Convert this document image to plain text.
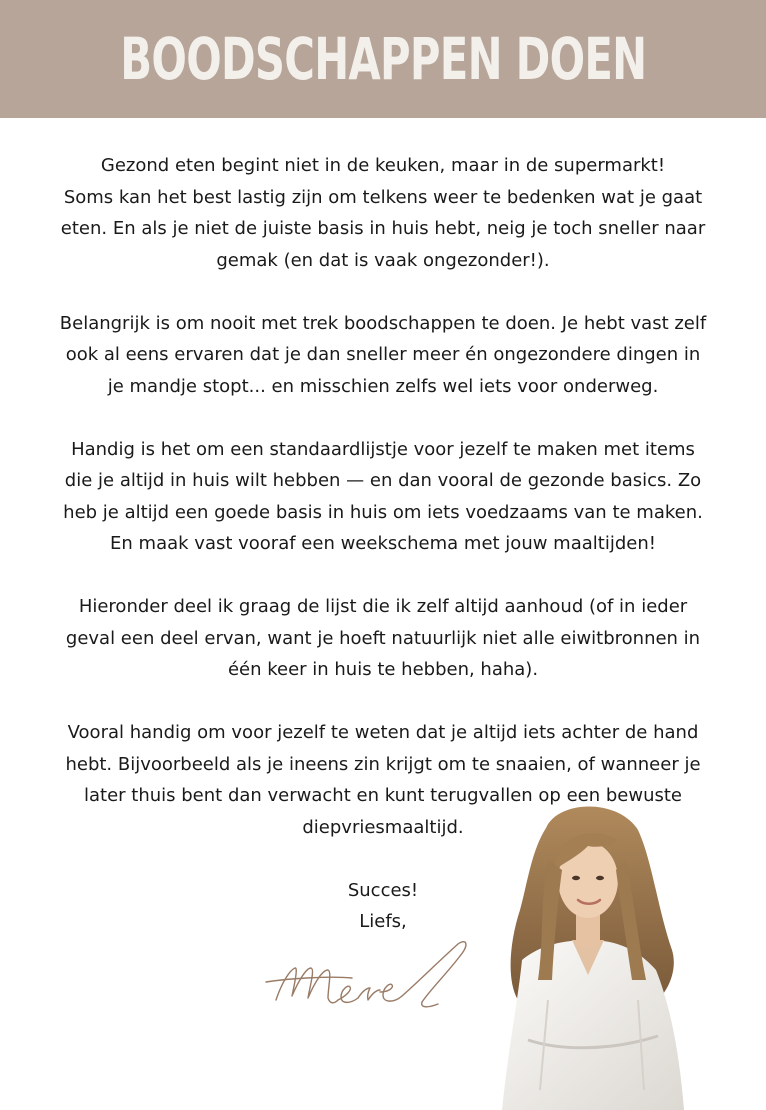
BOODSCHAPPEN DOEN

Gezond eten begint niet in de keuken, maar in de supermarkt!
Soms kan het best lastig zijn om telkens weer te bedenken wat je gaat
eten. En als je niet de juiste basis in huis hebt, neig je toch sneller naar
gemak (en dat is vaak ongezonder!).

Belangrijk is om nooit met trek boodschappen te doen. Je hebt vast zelf
ook al eens ervaren dat je dan sneller meer én ongezondere dingen in
je mandje stopt... en misschien zelfs wel iets voor onderweg.

Handig is het om een standaardlijstje voor jezelf te maken met items
die je altijd in huis wilt hebben — en dan vooral de gezonde basics. Zo
heb je altijd een goede basis in huis om iets voedzaams van te maken.
En maak vast vooraf een weekschema met jouw maaltijden!

Hieronder deel ik graag de lijst die ik zelf altijd aanhoud (of in ieder
geval een deel ervan, want je hoeft natuurlijk niet alle eiwitbronnen in
één keer in huis te hebben, haha).

Vooral handig om voor jezelf te weten dat je altijd iets achter de hand
hebt. Bijvoorbeeld als je ineens zin krijgt om te snaaien, of wanneer je
later thuis bent dan verwacht en kunt terugvallen op een bewuste
diepvriesmaaltijd.

Succes!
Liefs,
